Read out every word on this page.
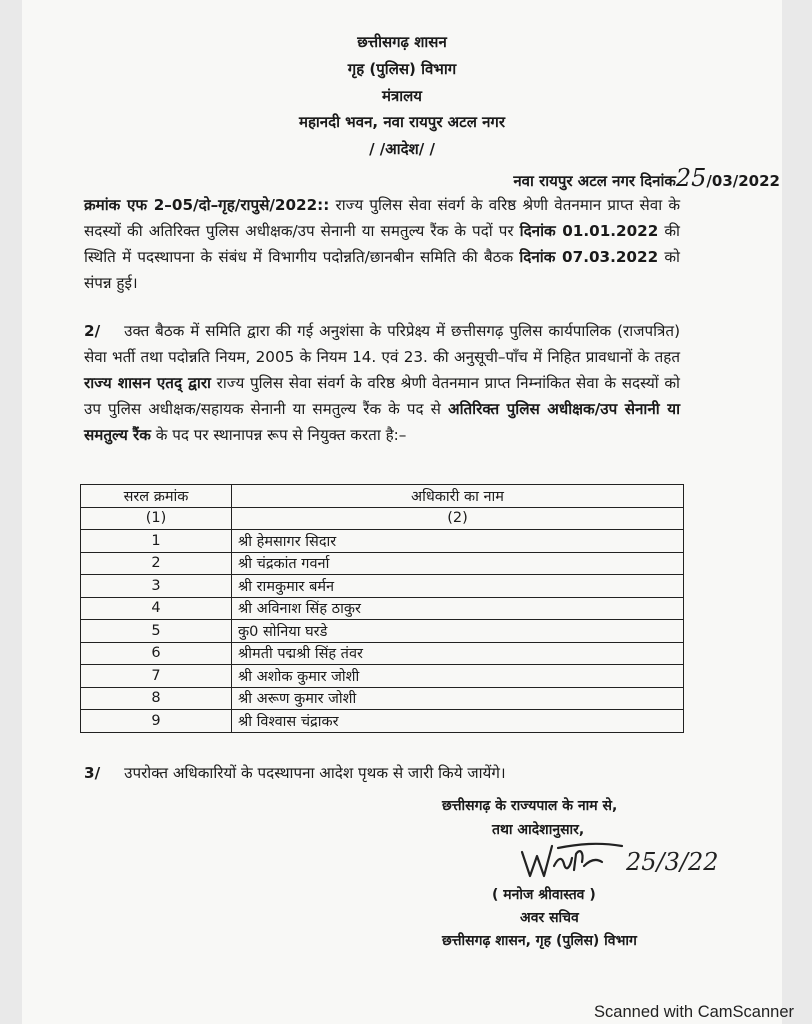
छत्तीसगढ़ शासन
गृह (पुलिस) विभाग
मंत्रालय
महानदी भवन, नवा रायपुर अटल नगर
/ /आदेश/ /
नवा रायपुर अटल नगर दिनांक25/03/2022

क्रमांक एफ 2–05/दो–गृह/रापुसे/2022:: राज्य पुलिस सेवा संवर्ग के वरिष्ठ श्रेणी वेतनमान प्राप्त सेवा के सदस्यों की अतिरिक्त पुलिस अधीक्षक/उप सेनानी या समतुल्य रैंक के पदों पर दिनांक 01.01.2022 की स्थिति में पदस्थापना के संबंध में विभागीय पदोन्नति/छानबीन समिति की बैठक दिनांक 07.03.2022 को संपन्न हुई।

2/ उक्त बैठक में समिति द्वारा की गई अनुशंसा के परिप्रेक्ष्य में छत्तीसगढ़ पुलिस कार्यपालिक (राजपत्रित) सेवा भर्ती तथा पदोन्नति नियम, 2005 के नियम 14. एवं 23. की अनुसूची–पाँच में निहित प्रावधानों के तहत राज्य शासन एतद् द्वारा राज्य पुलिस सेवा संवर्ग के वरिष्ठ श्रेणी वेतनमान प्राप्त निम्नांकित सेवा के सदस्यों को उप पुलिस अधीक्षक/सहायक सेनानी या समतुल्य रैंक के पद से अतिरिक्त पुलिस अधीक्षक/उप सेनानी या समतुल्य रैंक के पद पर स्थानापन्न रूप से नियुक्त करता है:–

सरल क्रमांक	अधिकारी का नाम
(1)	(2)
1	श्री हेमसागर सिदार
2	श्री चंद्रकांत गवर्ना
3	श्री रामकुमार बर्मन
4	श्री अविनाश सिंह ठाकुर
5	कु0 सोनिया घरडे
6	श्रीमती पद्मश्री सिंह तंवर
7	श्री अशोक कुमार जोशी
8	श्री अरूण कुमार जोशी
9	श्री विश्वास चंद्राकर

3/ उपरोक्त अधिकारियों के पदस्थापना आदेश पृथक से जारी किये जायेंगे।

छत्तीसगढ़ के राज्यपाल के नाम से,
तथा आदेशानुसार,
25/3/22
( मनोज श्रीवास्तव )
अवर सचिव
छत्तीसगढ़ शासन, गृह (पुलिस) विभाग
Scanned with CamScanner
